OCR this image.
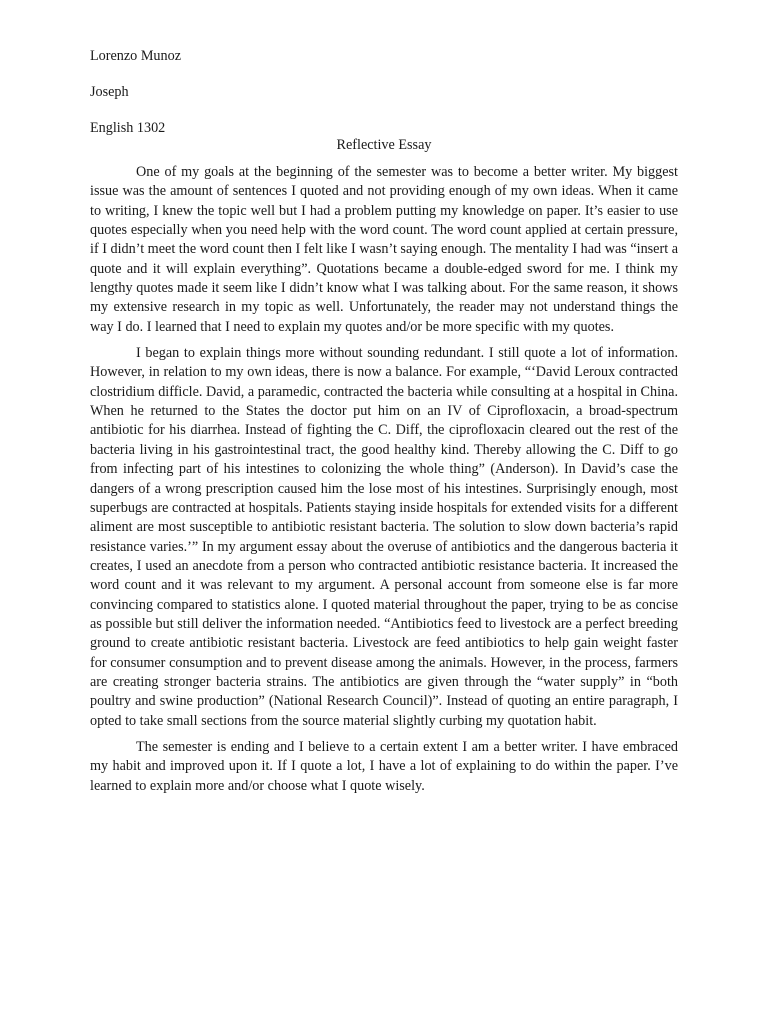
Lorenzo Munoz
Joseph
English 1302
Reflective Essay

One of my goals at the beginning of the semester was to become a better writer. My biggest issue was the amount of sentences I quoted and not providing enough of my own ideas. When it came to writing, I knew the topic well but I had a problem putting my knowledge on paper. It’s easier to use quotes especially when you need help with the word count. The word count applied at certain pressure, if I didn’t meet the word count then I felt like I wasn’t saying enough. The mentality I had was “insert a quote and it will explain everything”. Quotations became a double-edged sword for me. I think my lengthy quotes made it seem like I didn’t know what I was talking about. For the same reason, it shows my extensive research in my topic as well. Unfortunately, the reader may not understand things the way I do. I learned that I need to explain my quotes and/or be more specific with my quotes.

I began to explain things more without sounding redundant. I still quote a lot of information. However, in relation to my own ideas, there is now a balance. For example, “‘David Leroux contracted clostridium difficle. David, a paramedic, contracted the bacteria while consulting at a hospital in China. When he returned to the States the doctor put him on an IV of Ciprofloxacin, a broad-spectrum antibiotic for his diarrhea. Instead of fighting the C. Diff, the ciprofloxacin cleared out the rest of the bacteria living in his gastrointestinal tract, the good healthy kind. Thereby allowing the C. Diff to go from infecting part of his intestines to colonizing the whole thing” (Anderson). In David’s case the dangers of a wrong prescription caused him the lose most of his intestines. Surprisingly enough, most superbugs are contracted at hospitals. Patients staying inside hospitals for extended visits for a different aliment are most susceptible to antibiotic resistant bacteria. The solution to slow down bacteria’s rapid resistance varies.’” In my argument essay about the overuse of antibiotics and the dangerous bacteria it creates, I used an anecdote from a person who contracted antibiotic resistance bacteria. It increased the word count and it was relevant to my argument. A personal account from someone else is far more convincing compared to statistics alone. I quoted material throughout the paper, trying to be as concise as possible but still deliver the information needed. “Antibiotics feed to livestock are a perfect breeding ground to create antibiotic resistant bacteria. Livestock are feed antibiotics to help gain weight faster for consumer consumption and to prevent disease among the animals. However, in the process, farmers are creating stronger bacteria strains. The antibiotics are given through the “water supply” in “both poultry and swine production” (National Research Council)”. Instead of quoting an entire paragraph, I opted to take small sections from the source material slightly curbing my quotation habit.

The semester is ending and I believe to a certain extent I am a better writer. I have embraced my habit and improved upon it. If I quote a lot, I have a lot of explaining to do within the paper. I’ve learned to explain more and/or choose what I quote wisely.
